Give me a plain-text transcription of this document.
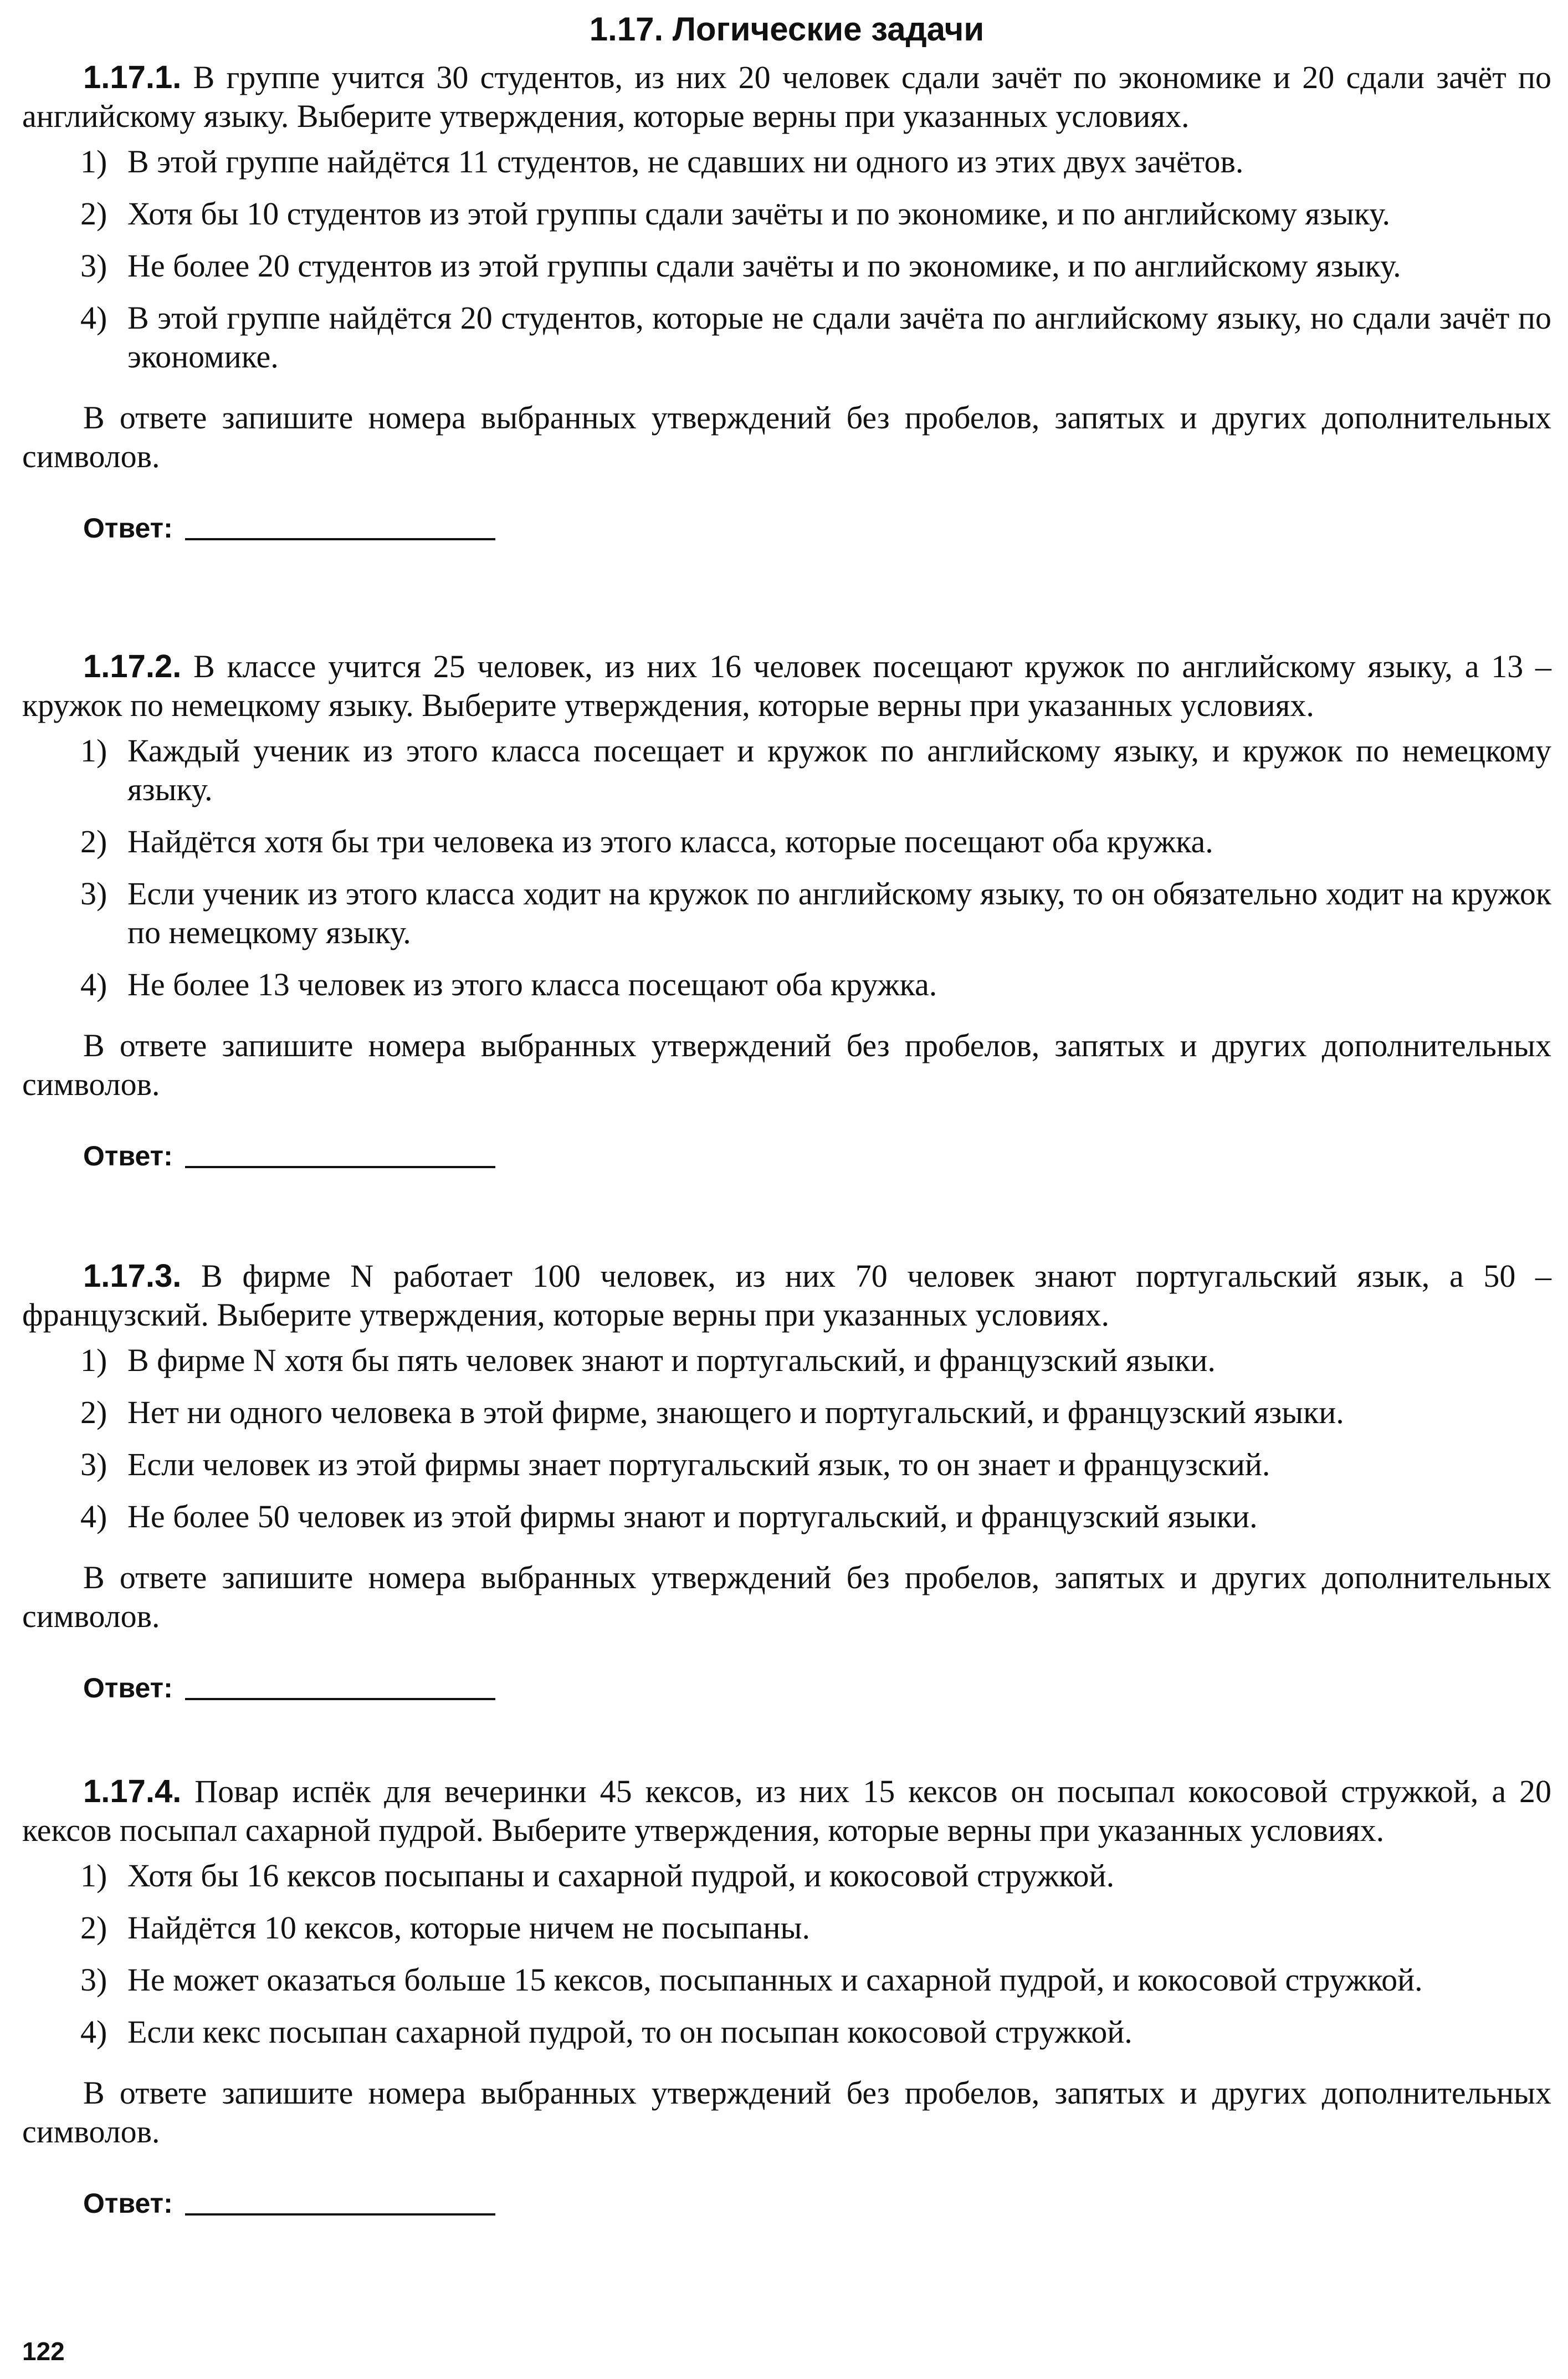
1.17. Логические задачи

1.17.1. В группе учится 30 студентов, из них 20 человек сдали зачёт по экономике и 20 сдали зачёт по английскому языку. Выберите утверждения, которые верны при указанных условиях.

1) В этой группе найдётся 11 студентов, не сдавших ни одного из этих двух зачётов.
2) Хотя бы 10 студентов из этой группы сдали зачёты и по экономике, и по английскому языку.
3) Не более 20 студентов из этой группы сдали зачёты и по экономике, и по английскому языку.
4) В этой группе найдётся 20 студентов, которые не сдали зачёта по английскому языку, но сдали зачёт по экономике.

В ответе запишите номера выбранных утверждений без пробелов, запятых и других дополнительных символов.

Ответ:

1.17.2. В классе учится 25 человек, из них 16 человек посещают кружок по английскому языку, а 13 – кружок по немецкому языку. Выберите утверждения, которые верны при указанных условиях.

1) Каждый ученик из этого класса посещает и кружок по английскому языку, и кружок по немецкому языку.
2) Найдётся хотя бы три человека из этого класса, которые посещают оба кружка.
3) Если ученик из этого класса ходит на кружок по английскому языку, то он обязательно ходит на кружок по немецкому языку.
4) Не более 13 человек из этого класса посещают оба кружка.

В ответе запишите номера выбранных утверждений без пробелов, запятых и других дополнительных символов.

Ответ:

1.17.3. В фирме N работает 100 человек, из них 70 человек знают португальский язык, а 50 – французский. Выберите утверждения, которые верны при указанных условиях.

1) В фирме N хотя бы пять человек знают и португальский, и французский языки.
2) Нет ни одного человека в этой фирме, знающего и португальский, и французский языки.
3) Если человек из этой фирмы знает португальский язык, то он знает и французский.
4) Не более 50 человек из этой фирмы знают и португальский, и французский языки.

В ответе запишите номера выбранных утверждений без пробелов, запятых и других дополнительных символов.

Ответ:

1.17.4. Повар испёк для вечеринки 45 кексов, из них 15 кексов он посыпал кокосовой стружкой, а 20 кексов посыпал сахарной пудрой. Выберите утверждения, которые верны при указанных условиях.

1) Хотя бы 16 кексов посыпаны и сахарной пудрой, и кокосовой стружкой.
2) Найдётся 10 кексов, которые ничем не посыпаны.
3) Не может оказаться больше 15 кексов, посыпанных и сахарной пудрой, и кокосовой стружкой.
4) Если кекс посыпан сахарной пудрой, то он посыпан кокосовой стружкой.

В ответе запишите номера выбранных утверждений без пробелов, запятых и других дополнительных символов.

Ответ:
122
